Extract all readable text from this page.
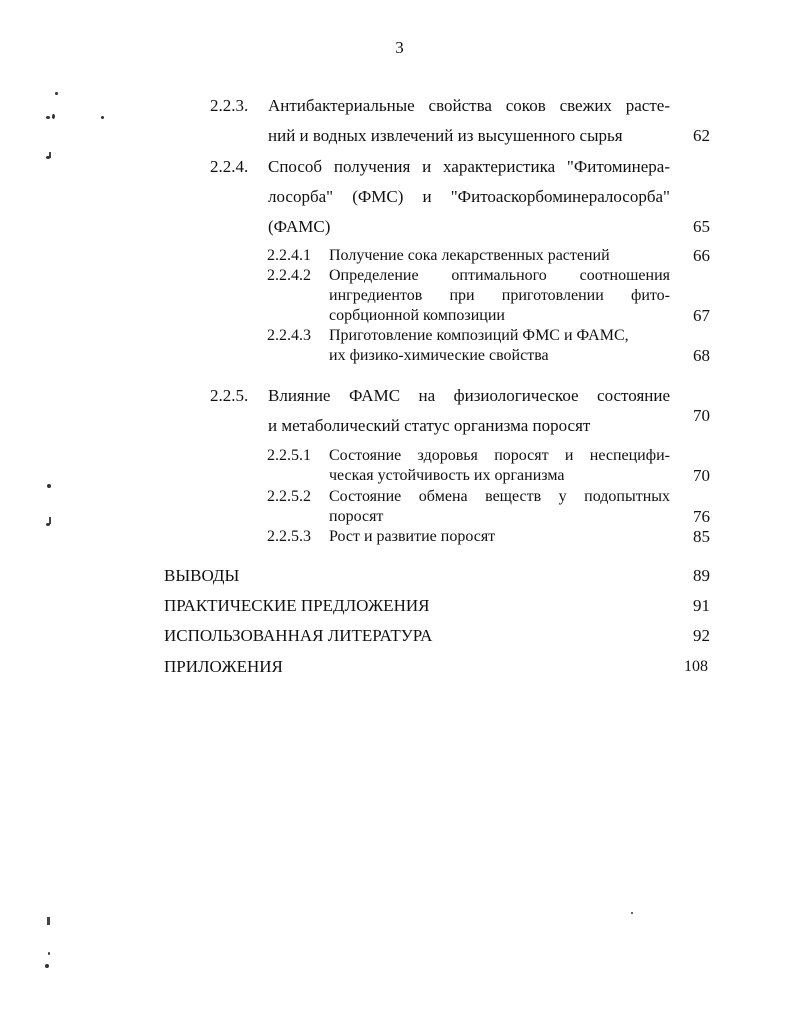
3
2.2.3. Антибактериальные свойства соков свежих расте-
ний и водных извлечений из высушенного сырья	62
2.2.4. Способ получения и характеристика "Фитоминера-
лосорба" (ФМС) и "Фитоаскорбоминералосорба"
(ФАМС)	65
2.2.4.1 Получение сока лекарственных растений	66
2.2.4.2 Определение оптимального соотношения
ингредиентов при приготовлении фито-
сорбционной композиции	67
2.2.4.3 Приготовление композиций ФМС и ФАМС,
их физико-химические свойства	68
2.2.5. Влияние ФАМС на физиологическое состояние
и метаболический статус организма поросят
70
2.2.5.1 Состояние здоровья поросят и неспецифи-
ческая устойчивость их организма	70
2.2.5.2 Состояние обмена веществ у подопытных
поросят	76
2.2.5.3 Рост и развитие поросят	85
ВЫВОДЫ	89
ПРАКТИЧЕСКИЕ ПРЕДЛОЖЕНИЯ	91
ИСПОЛЬЗОВАННАЯ ЛИТЕРАТУРА	92
ПРИЛОЖЕНИЯ	108
